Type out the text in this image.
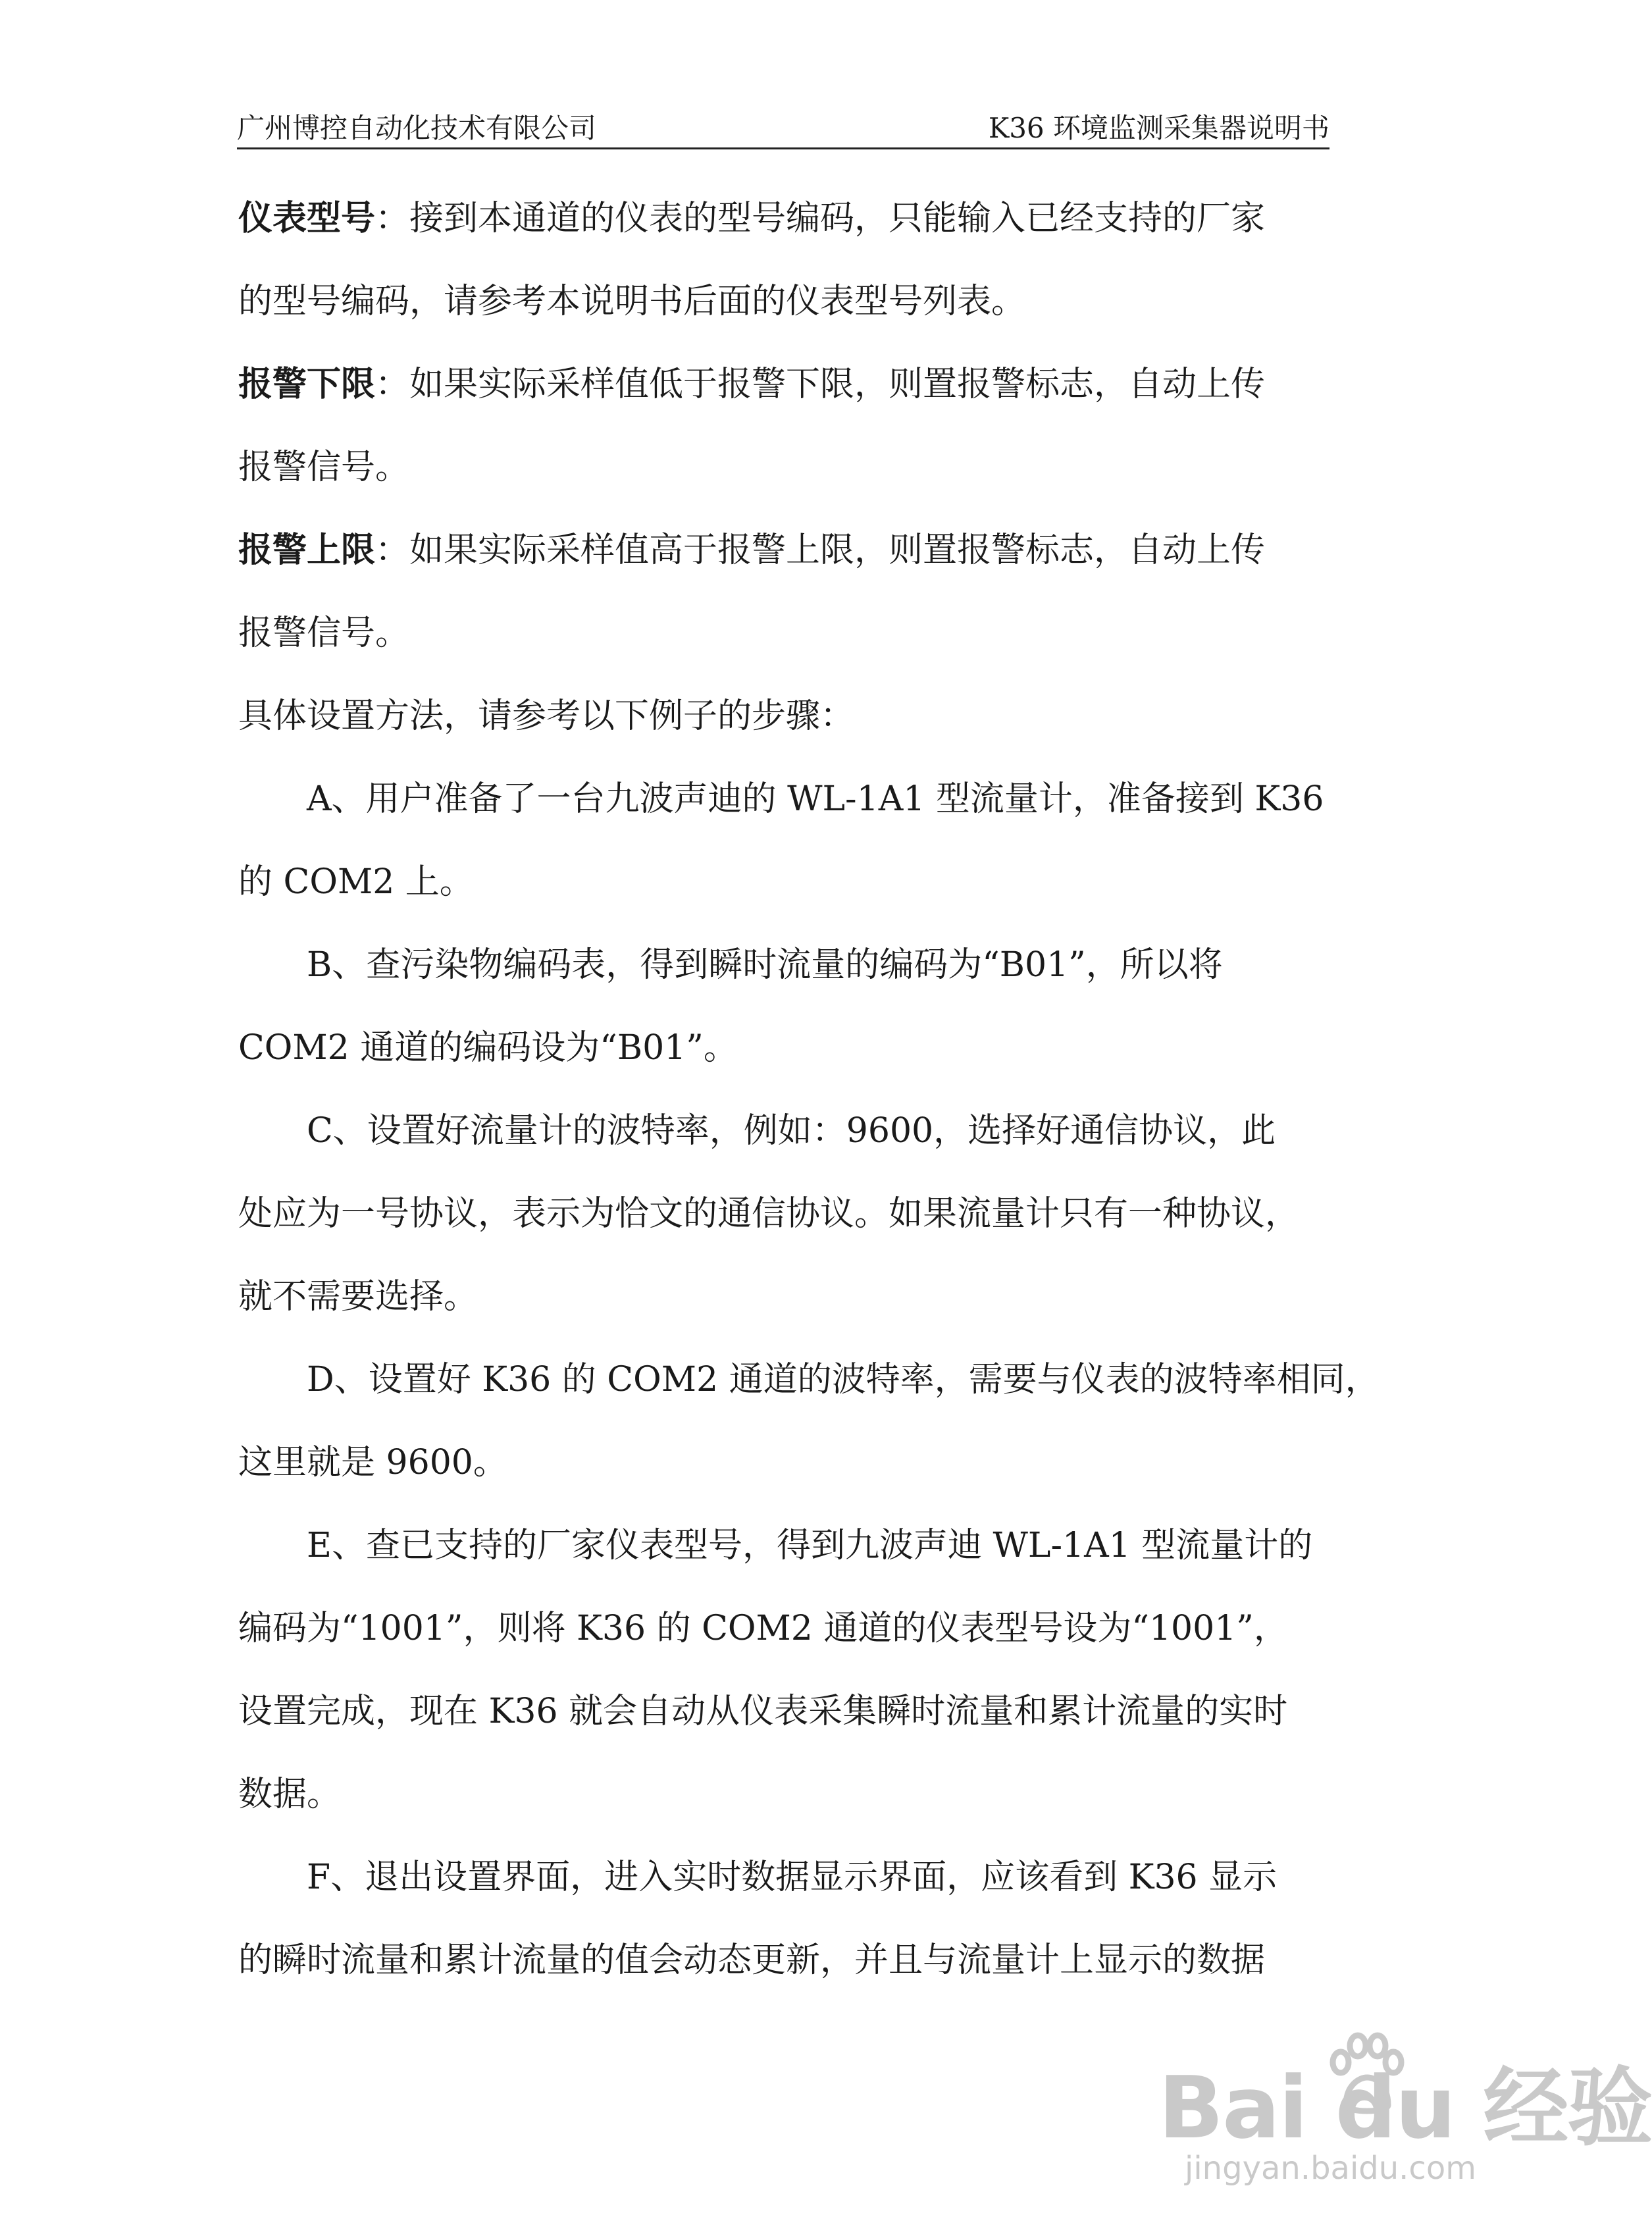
广州博控自动化技术有限公司	K36 环境监测采集器说明书
仪表型号：接到本通道的仪表的型号编码，只能输入已经支持的厂家
的型号编码，请参考本说明书后面的仪表型号列表。
报警下限：如果实际采样值低于报警下限，则置报警标志，自动上传
报警信号。
报警上限：如果实际采样值高于报警上限，则置报警标志，自动上传
报警信号。
具体设置方法，请参考以下例子的步骤：
A、用户准备了一台九波声迪的 WL-1A1 型流量计，准备接到 K36
的 COM2 上。
B、查污染物编码表，得到瞬时流量的编码为“B01”，所以将
COM2 通道的编码设为“B01”。
C、设置好流量计的波特率，例如：9600，选择好通信协议，此
处应为一号协议，表示为恰文的通信协议。如果流量计只有一种协议，
就不需要选择。
D、设置好 K36 的 COM2 通道的波特率，需要与仪表的波特率相同，
这里就是 9600。
E、查已支持的厂家仪表型号，得到九波声迪 WL-1A1 型流量计的
编码为“1001”，则将 K36 的 COM2 通道的仪表型号设为“1001”，
设置完成，现在 K36 就会自动从仪表采集瞬时流量和累计流量的实时
数据。
F、退出设置界面，进入实时数据显示界面，应该看到 K36 显示
的瞬时流量和累计流量的值会动态更新，并且与流量计上显示的数据
Bai du 经验
jingyan.baidu.com
